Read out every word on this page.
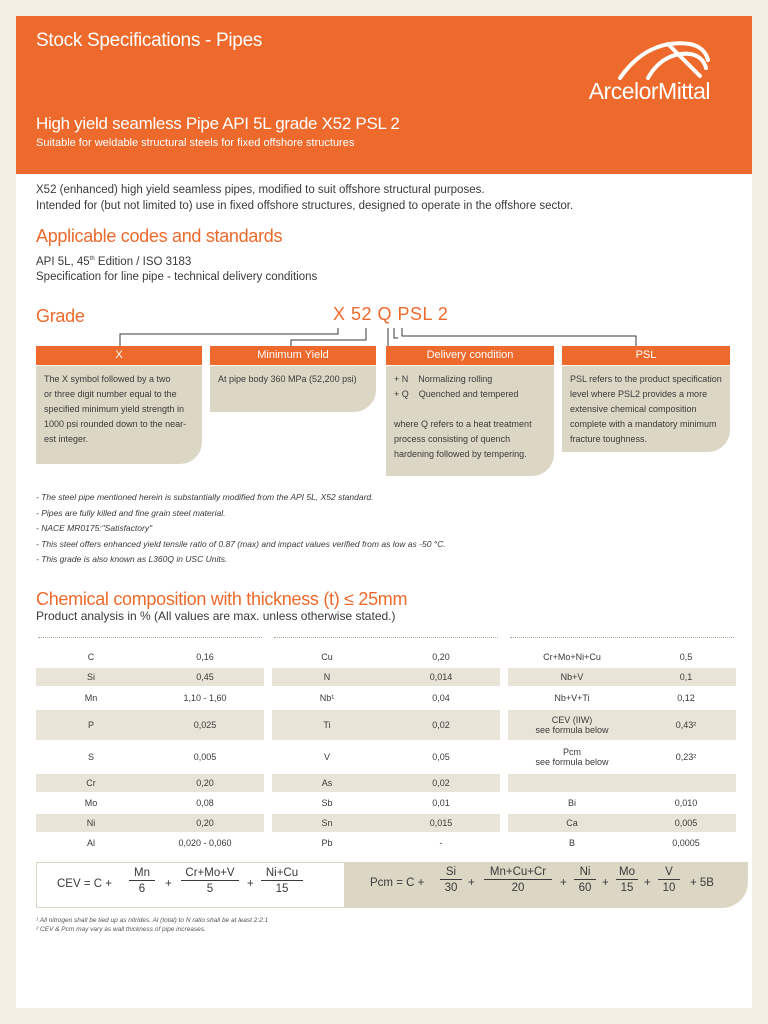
Stock Specifications - Pipes
High yield seamless Pipe API 5L grade X52 PSL 2
Suitable for weldable structural steels for fixed offshore structures
ArcelorMittal
X52 (enhanced) high yield seamless pipes, modified to suit offshore structural purposes.
Intended for (but not limited to) use in fixed offshore structures, designed to operate in the offshore sector.
Applicable codes and standards
API 5L, 45th Edition / ISO 3183
Specification for line pipe - technical delivery conditions
Grade	X 52 Q PSL 2
X	Minimum Yield	Delivery condition	PSL
The X symbol followed by a two
or three digit number equal to the
specified minimum yield strength in
1000 psi rounded down to the near-
est integer.
At pipe body 360 MPa (52,200 psi)	+ N    Normalizing rolling
+ Q    Quenched and tempered
where Q refers to a heat treatment
process consisting of quench
hardening followed by tempering.
PSL refers to the product specification
level where PSL2 provides a more
extensive chemical composition
complete with a mandatory minimum
fracture toughness.
- The steel pipe mentioned herein is substantially modified from the API 5L, X52 standard.
- Pipes are fully killed and fine grain steel material.
- NACE MR0175:"Satisfactory"
- This steel offers enhanced yield tensile ratio of 0.87 (max) and impact values verified from as low as -50 °C.
- This grade is also known as L360Q in USC Units.
Chemical composition with thickness (t) ≤ 25mm
Product analysis in % (All values are max. unless otherwise stated.)
C	0,16

Si	0,45

Mn	1,10 - 1,60

P	0,025

S	0,005

Cr	0,20

Mo	0,08

Ni	0,20

Al	0,020 - 0,060
Cu	0,20

N	0,014

Nb¹	0,04

Ti	0,02

V	0,05

As	0,02

Sb	0,01

Sn	0,015

Pb	-
Cr+Mo+Ni+Cu	0,5

Nb+V	0,1

Nb+V+Ti	0,12

CEV (IIW)
see formula below	0,43²

Pcm
see formula below	0,23²

Bi	0,010

Ca	0,005

B	0,0005
CEV = $C + \frac{Mn}{6} + \frac{Cr+Mo+V}{5} + \frac{Ni+Cu}{15}$	Pcm = $C + \frac{Si}{30} + \frac{Mn+Cu+Cr}{20} + \frac{Ni}{60} + \frac{Mo}{15} + \frac{V}{10} + 5B$
¹ All nitrogen shall be tied up as nitrides. Al (total) to N ratio shall be at least 2:2:1
² CEV & Pcm may vary as wall thickness of pipe increases.
